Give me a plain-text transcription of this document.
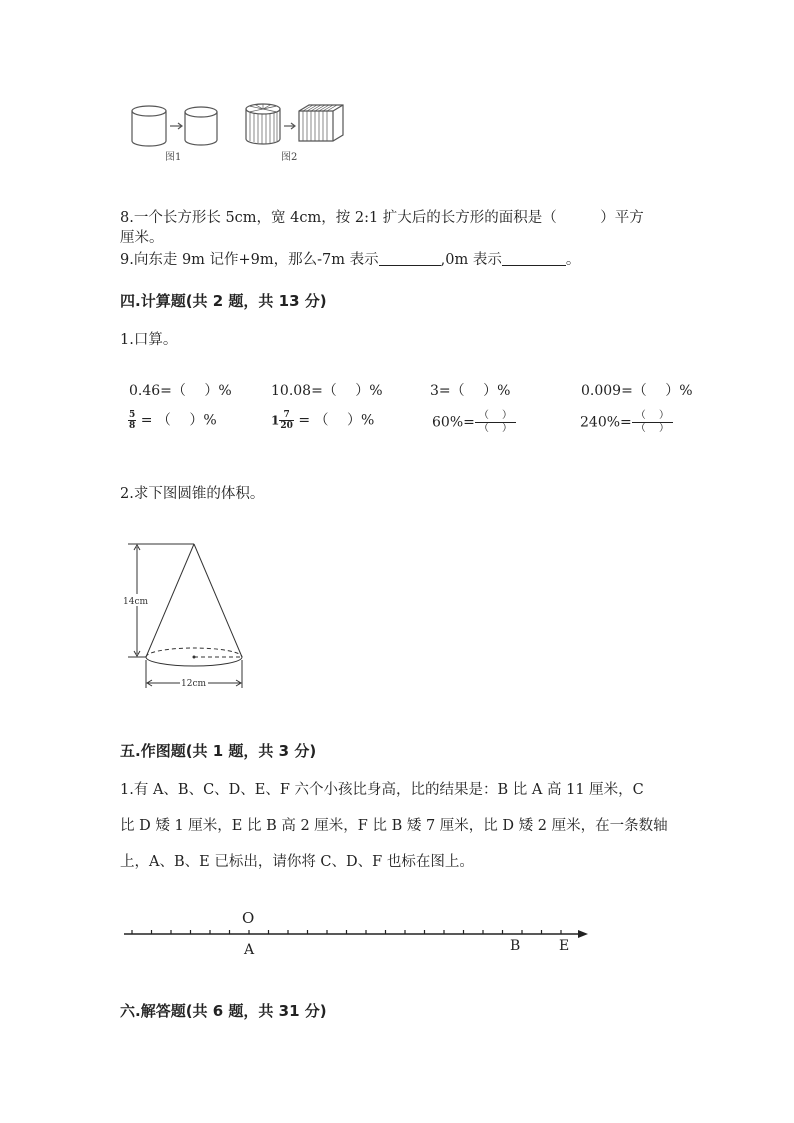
图1	图2
8.一个长方形长 5cm，宽 4cm，按 2:1 扩大后的长方形的面积是（　　　）平方
厘米。
9.向东走 9m 记作+9m，那么-7m 表示	,0m 表示	。
四.计算题(共 2 题，共 13 分)
1.口算。
0.46=（　 ）%	10.08=（　 ）%	3=（　 ）%	0.009=（　 ）%
$\frac{5}{8}$ = （　 ）%	$1 \frac{7}{20}$ = （　 ）%	$60\%= \frac{( )}{( )}$	$240\%= \frac{( )}{( )}$
2.求下图圆锥的体积。
14cm
12cm
五.作图题(共 1 题，共 3 分)
1.有 A、B、C、D、E、F 六个小孩比身高，比的结果是：B 比 A 高 11 厘米，C
比 D 矮 1 厘米，E 比 B 高 2 厘米，F 比 B 矮 7 厘米，比 D 矮 2 厘米，在一条数轴
上，A、B、E 已标出，请你将 C、D、F 也标在图上。
O
A	B	E
六.解答题(共 6 题，共 31 分)
